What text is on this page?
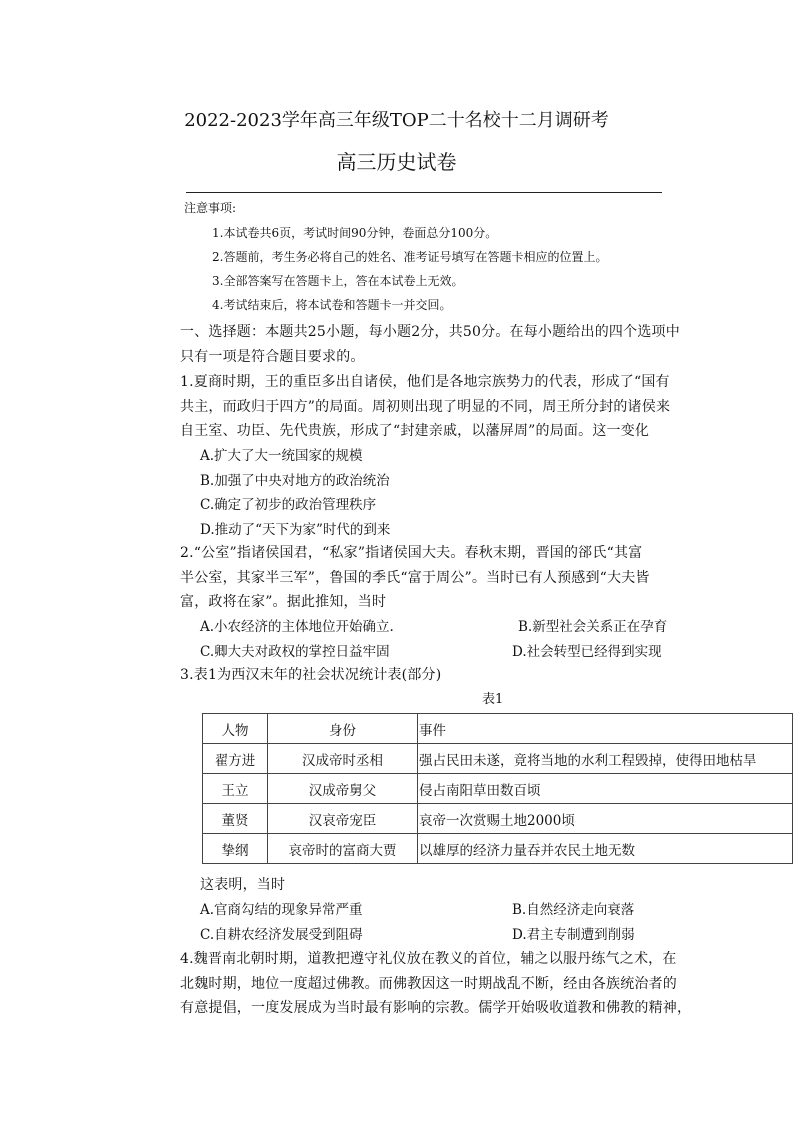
2022-2023学年高三年级TOP二十名校十二月调研考
高三历史试卷
注意事项:
1.本试卷共6页，考试时间90分钟，卷面总分100分。
2.答题前，考生务必将自己的姓名、准考证号填写在答题卡相应的位置上。
3.全部答案写在答题卡上，答在本试卷上无效。
4.考试结束后，将本试卷和答题卡一并交回。
一、选择题：本题共25小题，每小题2分，共50分。在每小题给出的四个选项中
只有一项是符合题目要求的。
1.夏商时期，王的重臣多出自诸侯，他们是各地宗族势力的代表，形成了“国有
共主，而政归于四方”的局面。周初则出现了明显的不同，周王所分封的诸侯来
自王室、功臣、先代贵族，形成了“封建亲戚，以藩屏周”的局面。这一变化
A.扩大了大一统国家的规模
B.加强了中央对地方的政治统治
C.确定了初步的政治管理秩序
D.推动了“天下为家”时代的到来
2.“公室”指诸侯国君，“私家”指诸侯国大夫。春秋末期，晋国的郤氏“其富
半公室，其家半三军”，鲁国的季氏“富于周公”。当时已有人预感到“大夫皆
富，政将在家”。据此推知，当时
A.小农经济的主体地位开始确立.	B.新型社会关系正在孕育
C.卿大夫对政权的掌控日益牢固	D.社会转型已经得到实现
3.表1为西汉末年的社会状况统计表(部分)
表1
人物	身份	事件
翟方进	汉成帝时丞相	强占民田未遂，竟将当地的水利工程毁掉，使得田地枯旱
王立	汉成帝舅父	侵占南阳草田数百顷
董贤	汉哀帝宠臣	哀帝一次赏赐土地2000顷
挚纲	哀帝时的富商大贾	以雄厚的经济力量吞并农民土地无数
这表明，当时
A.官商勾结的现象异常严重	B.自然经济走向衰落
C.自耕农经济发展受到阻碍	D.君主专制遭到削弱
4.魏晋南北朝时期，道教把遵守礼仪放在教义的首位，辅之以服丹练气之术，在
北魏时期，地位一度超过佛教。而佛教因这一时期战乱不断，经由各族统治者的
有意提倡，一度发展成为当时最有影响的宗教。儒学开始吸收道教和佛教的精神，
